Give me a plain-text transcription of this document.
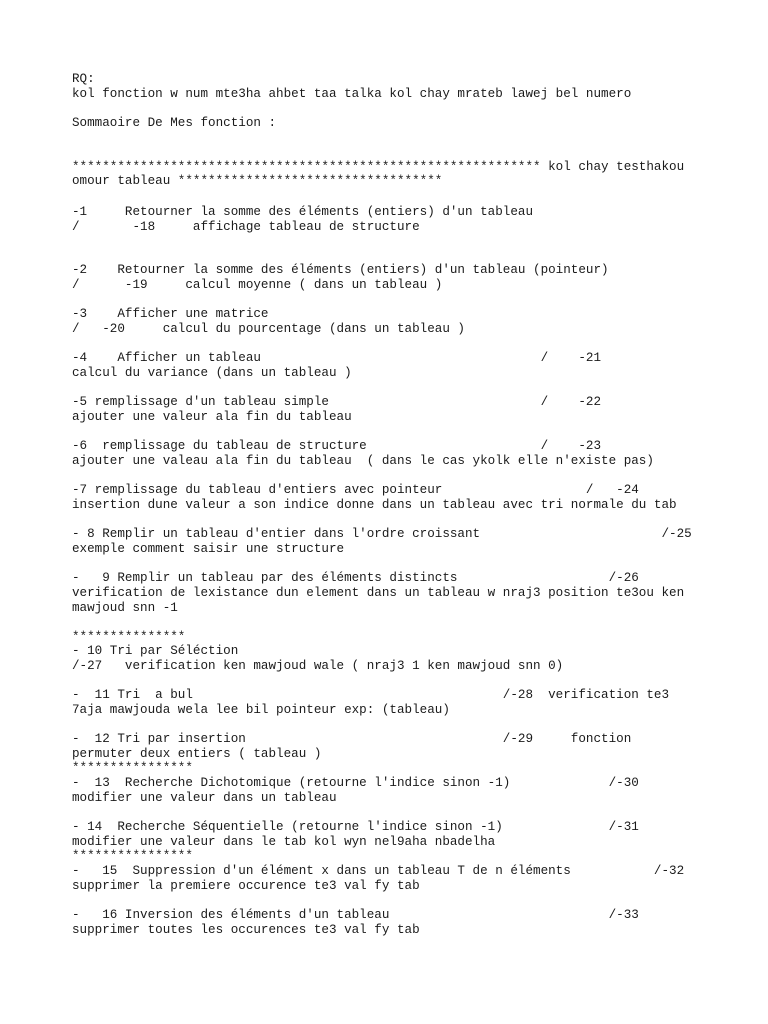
RQ:

kol fonction w num mte3ha ahbet taa talka kol chay mrateb lawej bel numero

Sommaoire De Mes fonction :

************************************************************** kol chay testhakou

omour tableau ***********************************

-1     Retourner la somme des éléments (entiers) d'un tableau

/       -18     affichage tableau de structure

-2    Retourner la somme des éléments (entiers) d'un tableau (pointeur)

/      -19     calcul moyenne ( dans un tableau )

-3    Afficher une matrice

/   -20     calcul du pourcentage (dans un tableau )

-4    Afficher un tableau                                     /    -21

calcul du variance (dans un tableau )

-5 remplissage d'un tableau simple                            /    -22

ajouter une valeur ala fin du tableau

-6  remplissage du tableau de structure                       /    -23

ajouter une valeau ala fin du tableau  ( dans le cas ykolk elle n'existe pas)

-7 remplissage du tableau d'entiers avec pointeur                   /   -24

insertion dune valeur a son indice donne dans un tableau avec tri normale du tab

- 8 Remplir un tableau d'entier dans l'ordre croissant                        /-25

exemple comment saisir une structure

-   9 Remplir un tableau par des éléments distincts                    /-26

verification de lexistance dun element dans un tableau w nraj3 position te3ou ken

mawjoud snn -1

***************

- 10 Tri par Séléction

/-27   verification ken mawjoud wale ( nraj3 1 ken mawjoud snn 0)

-  11 Tri  a bul                                         /-28  verification te3

7aja mawjouda wela lee bil pointeur exp: (tableau)

-  12 Tri par insertion                                  /-29     fonction

permuter deux entiers ( tableau )

****************

-  13  Recherche Dichotomique (retourne l'indice sinon -1)             /-30

modifier une valeur dans un tableau

- 14  Recherche Séquentielle (retourne l'indice sinon -1)              /-31

modifier une valeur dans le tab kol wyn nel9aha nbadelha

****************

-   15  Suppression d'un élément x dans un tableau T de n éléments           /-32

supprimer la premiere occurence te3 val fy tab

-   16 Inversion des éléments d'un tableau                             /-33

supprimer toutes les occurences te3 val fy tab
